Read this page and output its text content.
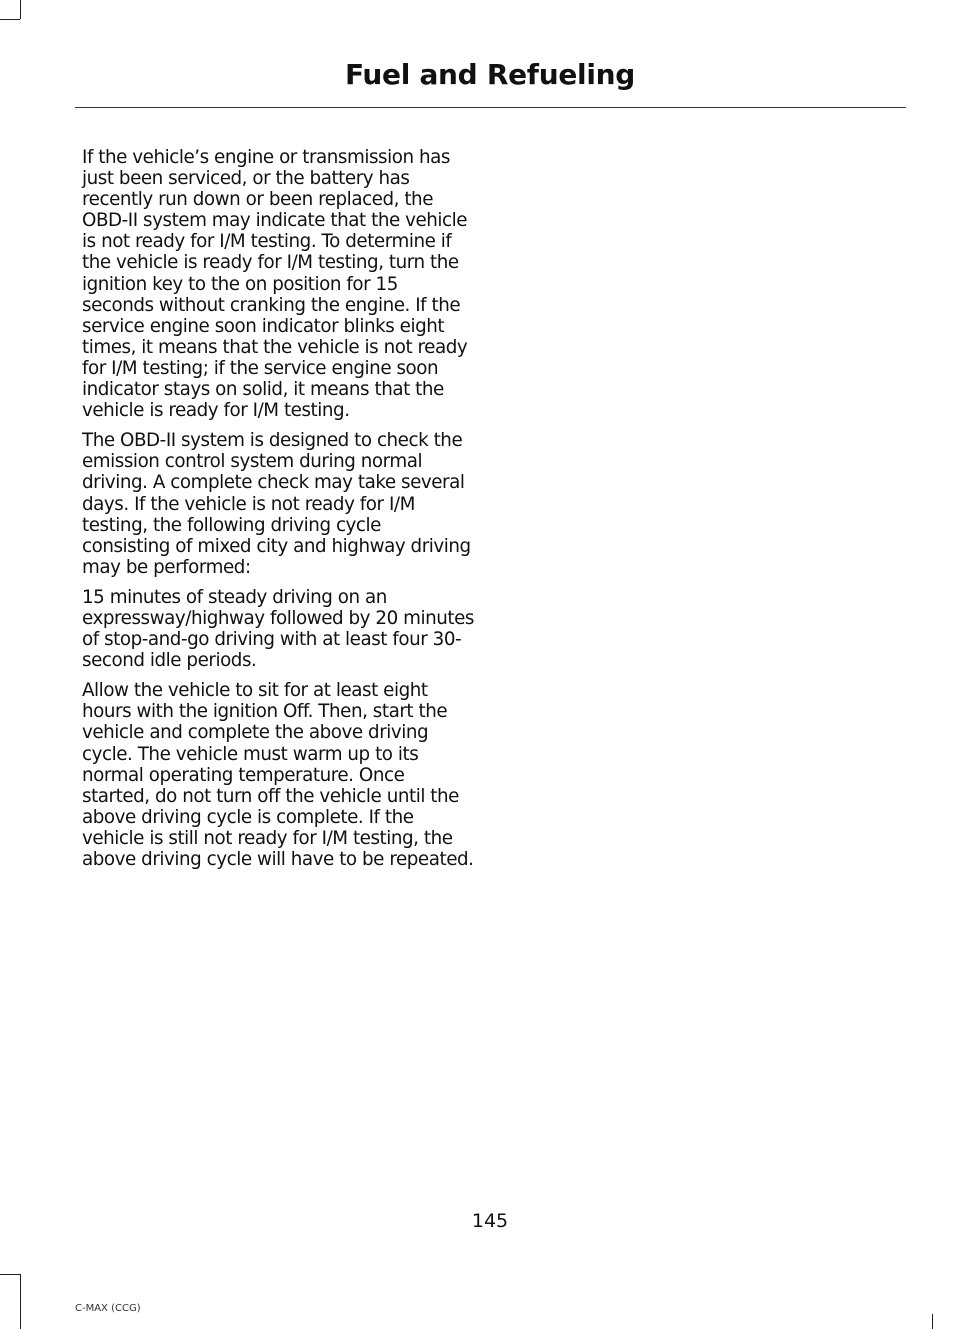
Fuel and Refueling

If the vehicle’s engine or transmission has just been serviced, or the battery has recently run down or been replaced, the OBD-II system may indicate that the vehicle is not ready for I/M testing. To determine if the vehicle is ready for I/M testing, turn the ignition key to the on position for 15 seconds without cranking the engine. If the service engine soon indicator blinks eight times, it means that the vehicle is not ready for I/M testing; if the service engine soon indicator stays on solid, it means that the vehicle is ready for I/M testing.

The OBD-II system is designed to check the emission control system during normal driving. A complete check may take several days. If the vehicle is not ready for I/M testing, the following driving cycle consisting of mixed city and highway driving may be performed:

15 minutes of steady driving on an expressway/highway followed by 20 minutes of stop-and-go driving with at least four 30-second idle periods.

Allow the vehicle to sit for at least eight hours with the ignition Off. Then, start the vehicle and complete the above driving cycle. The vehicle must warm up to its normal operating temperature. Once started, do not turn off the vehicle until the above driving cycle is complete. If the vehicle is still not ready for I/M testing, the above driving cycle will have to be repeated.

145
C-MAX (CCG)
